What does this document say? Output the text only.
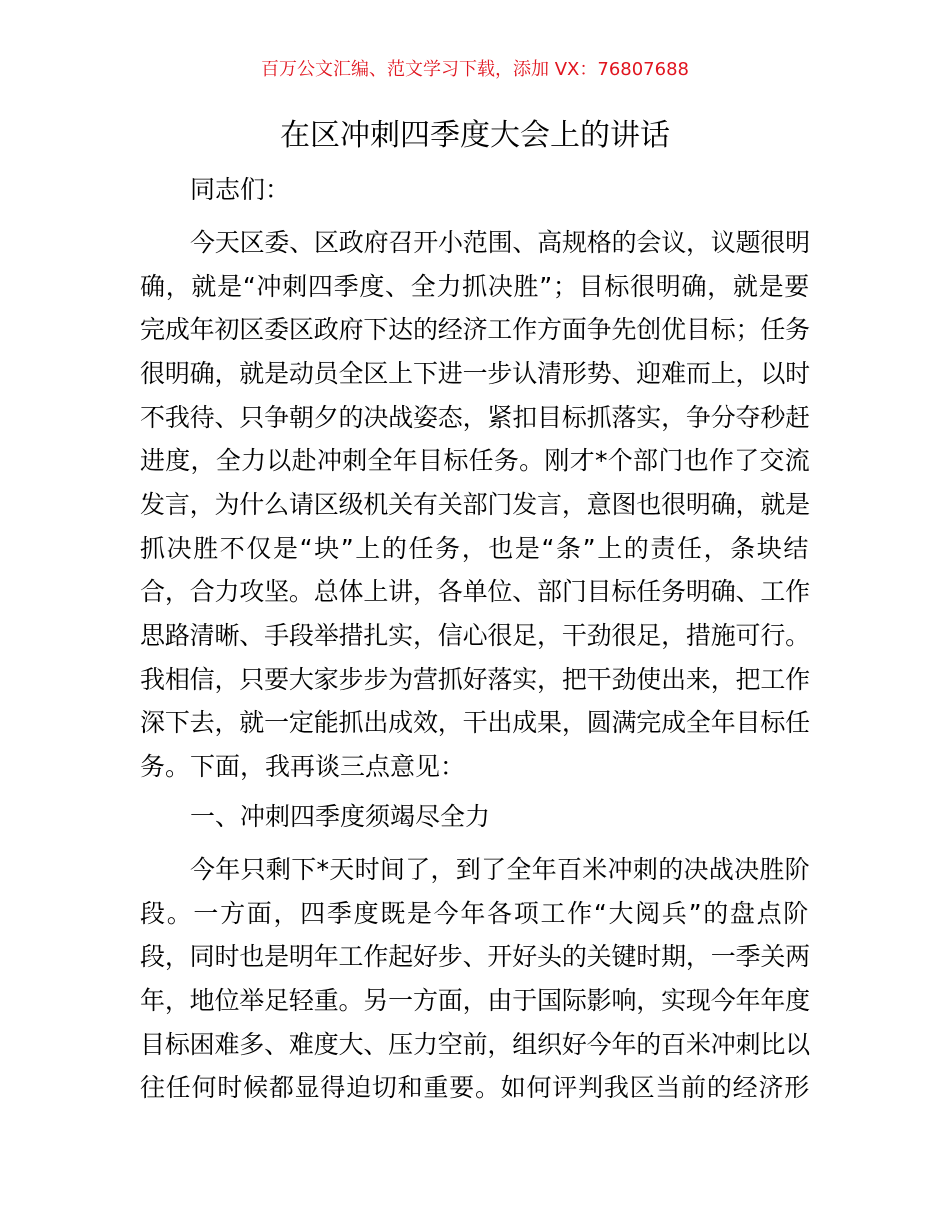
百万公文汇编、范文学习下载，添加 VX：76807688
在区冲刺四季度大会上的讲话
同志们：
今天区委、区政府召开小范围、高规格的会议，议题很明
确，就是“冲刺四季度、全力抓决胜”；目标很明确，就是要
完成年初区委区政府下达的经济工作方面争先创优目标；任务
很明确，就是动员全区上下进一步认清形势、迎难而上，以时
不我待、只争朝夕的决战姿态，紧扣目标抓落实，争分夺秒赶
进度，全力以赴冲刺全年目标任务。刚才*个部门也作了交流
发言，为什么请区级机关有关部门发言，意图也很明确，就是
抓决胜不仅是“块”上的任务，也是“条”上的责任，条块结
合，合力攻坚。总体上讲，各单位、部门目标任务明确、工作
思路清晰、手段举措扎实，信心很足，干劲很足，措施可行。
我相信，只要大家步步为营抓好落实，把干劲使出来，把工作
深下去，就一定能抓出成效，干出成果，圆满完成全年目标任
务。下面，我再谈三点意见：
一、冲刺四季度须竭尽全力
今年只剩下*天时间了，到了全年百米冲刺的决战决胜阶
段。一方面，四季度既是今年各项工作“大阅兵”的盘点阶
段，同时也是明年工作起好步、开好头的关键时期，一季关两
年，地位举足轻重。另一方面，由于国际影响，实现今年年度
目标困难多、难度大、压力空前，组织好今年的百米冲刺比以
往任何时候都显得迫切和重要。如何评判我区当前的经济形
